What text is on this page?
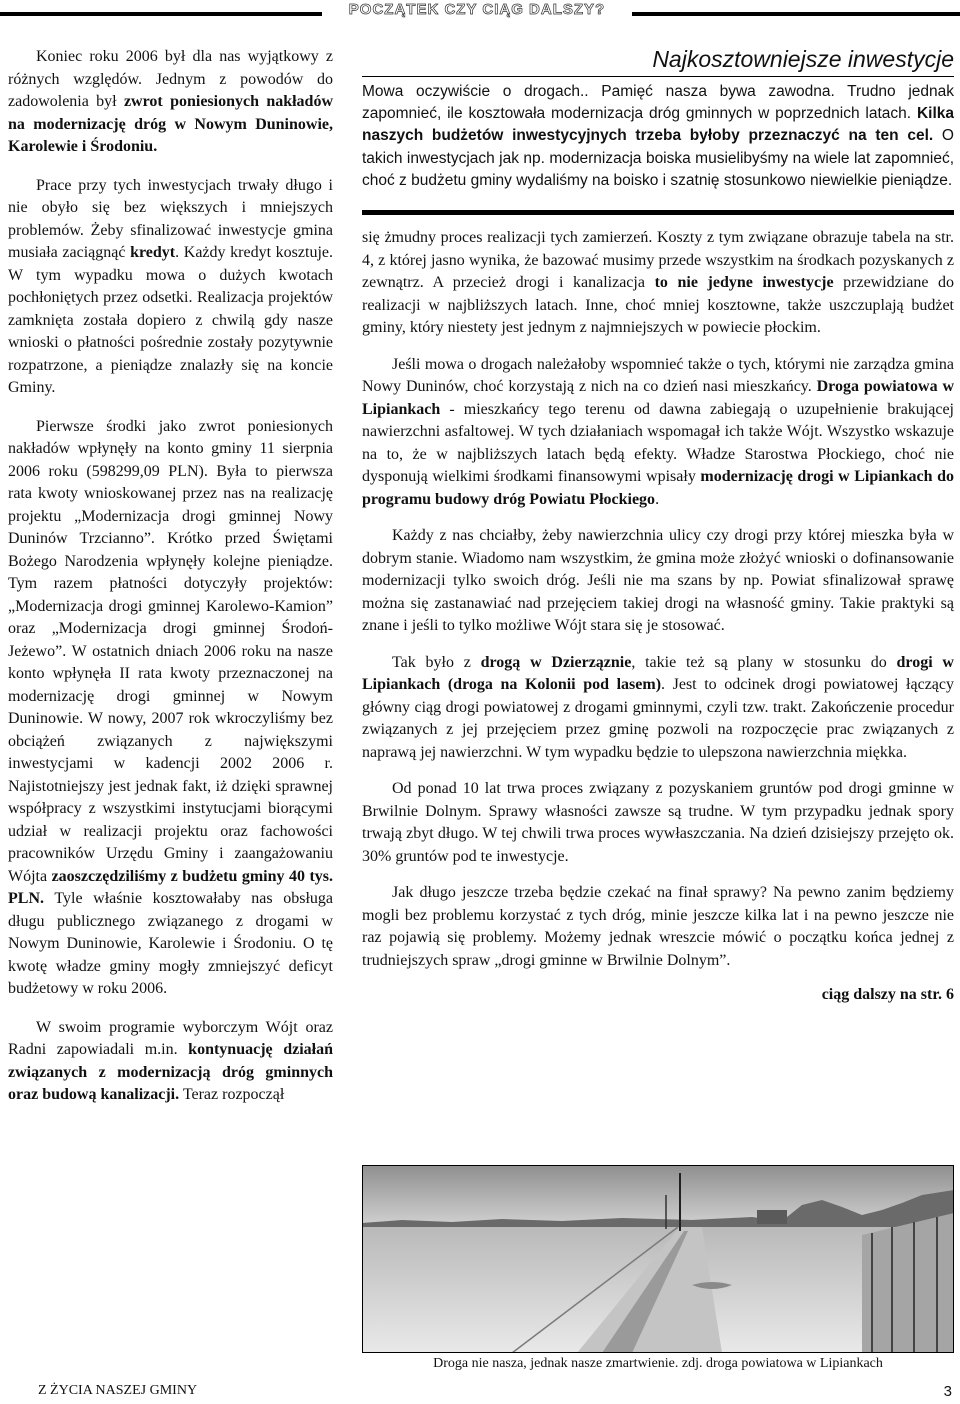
POCZĄTEK CZY CIĄG DALSZY?

Koniec roku 2006 był dla nas wyjątkowy z różnych względów. Jednym z powodów do zadowolenia był zwrot poniesionych nakładów na modernizację dróg w Nowym Duninowie, Karolewie i Środoniu.

Prace przy tych inwestycjach trwały długo i nie obyło się bez większych i mniejszych problemów. Żeby sfinalizować inwestycje gmina musiała zaciągnąć kredyt. Każdy kredyt kosztuje. W tym wypadku mowa o dużych kwotach pochłoniętych przez odsetki. Realizacja projektów zamknięta została dopiero z chwilą gdy nasze wnioski o płatności pośrednie zostały pozytywnie rozpatrzone, a pieniądze znalazły się na koncie Gminy.

Pierwsze środki jako zwrot poniesionych nakładów wpłynęły na konto gminy 11 sierpnia 2006 roku (598299,09 PLN). Była to pierwsza rata kwoty wnioskowanej przez nas na realizację projektu „Modernizacja drogi gminnej Nowy Duninów Trzcianno”. Krótko przed Świętami Bożego Narodzenia wpłynęły kolejne pieniądze. Tym razem płatności dotyczyły projektów: „Modernizacja drogi gminnej Karolewo-Kamion” oraz „Modernizacja drogi gminnej Środoń-Jeżewo”. W ostatnich dniach 2006 roku na nasze konto wpłynęła II rata kwoty przeznaczonej na modernizację drogi gminnej w Nowym Duninowie. W nowy, 2007 rok wkroczyliśmy bez obciążeń związanych z największymi inwestycjami w kadencji 2002 2006 r. Najistotniejszy jest jednak fakt, iż dzięki sprawnej współpracy z wszystkimi instytucjami biorącymi udział w realizacji projektu oraz fachowości pracowników Urzędu Gminy i zaangażowaniu Wójta zaoszczędziliśmy z budżetu gminy 40 tys. PLN. Tyle właśnie kosztowałaby nas obsługa długu publicznego związanego z drogami w Nowym Duninowie, Karolewie i Środoniu. O tę kwotę władze gminy mogły zmniejszyć deficyt budżetowy w roku 2006.

W swoim programie wyborczym Wójt oraz Radni zapowiadali m.in. kontynuację działań związanych z modernizacją dróg gminnych oraz budową kanalizacji. Teraz rozpoczął

Najkosztowniejsze inwestycje

Mowa oczywiście o drogach.. Pamięć nasza bywa zawodna. Trudno jednak zapomnieć, ile kosztowała modernizacja dróg gminnych w poprzednich latach. Kilka naszych budżetów inwestycyjnych trzeba byłoby przeznaczyć na ten cel. O takich inwestycjach jak np. modernizacja boiska musielibyśmy na wiele lat zapomnieć, choć z budżetu gminy wydaliśmy na boisko i szatnię stosunkowo niewielkie pieniądze.

się żmudny proces realizacji tych zamierzeń. Koszty z tym związane obrazuje tabela na str. 4, z której jasno wynika, że bazować musimy przede wszystkim na środkach pozyskanych z zewnątrz. A przecież drogi i kanalizacja to nie jedyne inwestycje przewidziane do realizacji w najbliższych latach. Inne, choć mniej kosztowne, także uszczuplają budżet gminy, który niestety jest jednym z najmniejszych w powiecie płockim.

Jeśli mowa o drogach należałoby wspomnieć także o tych, którymi nie zarządza gmina Nowy Duninów, choć korzystają z nich na co dzień nasi mieszkańcy. Droga powiatowa w Lipiankach - mieszkańcy tego terenu od dawna zabiegają o uzupełnienie brakującej nawierzchni asfaltowej. W tych działaniach wspomagał ich także Wójt. Wszystko wskazuje na to, że w najbliższych latach będą efekty. Władze Starostwa Płockiego, choć nie dysponują wielkimi środkami finansowymi wpisały modernizację drogi w Lipiankach do programu budowy dróg Powiatu Płockiego.

Każdy z nas chciałby, żeby nawierzchnia ulicy czy drogi przy której mieszka była w dobrym stanie. Wiadomo nam wszystkim, że gmina może złożyć wnioski o dofinansowanie modernizacji tylko swoich dróg. Jeśli nie ma szans by np. Powiat sfinalizował sprawę można się zastanawiać nad przejęciem takiej drogi na własność gminy. Takie praktyki są znane i jeśli to tylko możliwe Wójt stara się je stosować.

Tak było z drogą w Dzierząznie, takie też są plany w stosunku do drogi w Lipiankach (droga na Kolonii pod lasem). Jest to odcinek drogi powiatowej łączący główny ciąg drogi powiatowej z drogami gminnymi, czyli tzw. trakt. Zakończenie procedur związanych z jej przejęciem przez gminę pozwoli na rozpoczęcie prac związanych z naprawą jej nawierzchni. W tym wypadku będzie to ulepszona nawierzchnia miękka.

Od ponad 10 lat trwa proces związany z pozyskaniem gruntów pod drogi gminne w Brwilnie Dolnym. Sprawy własności zawsze są trudne. W tym przypadku jednak spory trwają zbyt długo. W tej chwili trwa proces wywłaszczania. Na dzień dzisiejszy przejęto ok. 30% gruntów pod te inwestycje.

Jak długo jeszcze trzeba będzie czekać na finał sprawy? Na pewno zanim będziemy mogli bez problemu korzystać z tych dróg, minie jeszcze kilka lat i na pewno jeszcze nie raz pojawią się problemy. Możemy jednak wreszcie mówić o początku końca jednej z trudniejszych spraw „drogi gminne w Brwilnie Dolnym”.

ciąg dalszy na str. 6

Droga nie nasza, jednak nasze zmartwienie. zdj. droga powiatowa w Lipiankach
Z ŻYCIA NASZEJ GMINY	3
